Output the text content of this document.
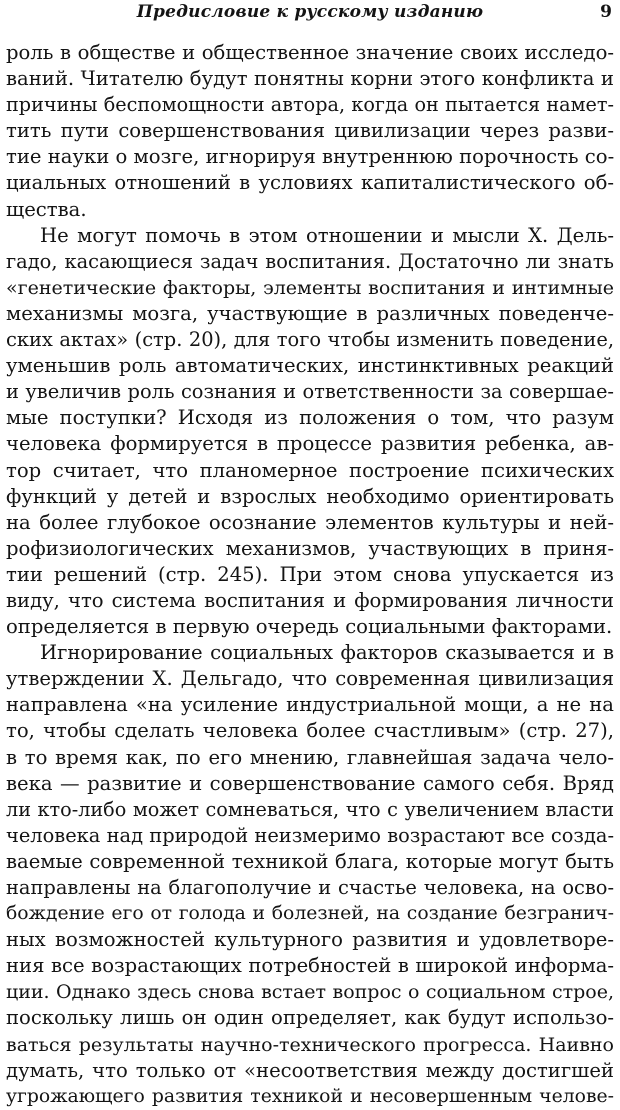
Предисловие к русскому изданию	9
роль в обществе и общественное значение своих исследо-
ваний. Читателю будут понятны корни этого конфликта и
причины беспомощности автора, когда он пытается намет-
тить пути совершенствования цивилизации через разви-
тие науки о мозге, игнорируя внутреннюю порочность со-
циальных отношений в условиях капиталистического об-
щества.
Не могут помочь в этом отношении и мысли Х. Дель-
гадо, касающиеся задач воспитания. Достаточно ли знать
«генетические факторы, элементы воспитания и интимные
механизмы мозга, участвующие в различных поведенче-
ских актах» (стр. 20), для того чтобы изменить поведение,
уменьшив роль автоматических, инстинктивных реакций
и увеличив роль сознания и ответственности за совершае-
мые поступки? Исходя из положения о том, что разум
человека формируется в процессе развития ребенка, ав-
тор считает, что планомерное построение психических
функций у детей и взрослых необходимо ориентировать
на более глубокое осознание элементов культуры и ней-
рофизиологических механизмов, участвующих в приня-
тии решений (стр. 245). При этом снова упускается из
виду, что система воспитания и формирования личности
определяется в первую очередь социальными факторами.
Игнорирование социальных факторов сказывается и в
утверждении Х. Дельгадо, что современная цивилизация
направлена «на усиление индустриальной мощи, а не на
то, чтобы сделать человека более счастливым» (стр. 27),
в то время как, по его мнению, главнейшая задача чело-
века — развитие и совершенствование самого себя. Вряд
ли кто-либо может сомневаться, что с увеличением власти
человека над природой неизмеримо возрастают все созда-
ваемые современной техникой блага, которые могут быть
направлены на благополучие и счастье человека, на осво-
бождение его от голода и болезней, на создание безгранич-
ных возможностей культурного развития и удовлетворе-
ния все возрастающих потребностей в широкой информа-
ции. Однако здесь снова встает вопрос о социальном строе,
поскольку лишь он один определяет, как будут использо-
ваться результаты научно-технического прогресса. Наивно
думать, что только от «несоответствия между достигшей
угрожающего развития техникой и несовершенным челове-
